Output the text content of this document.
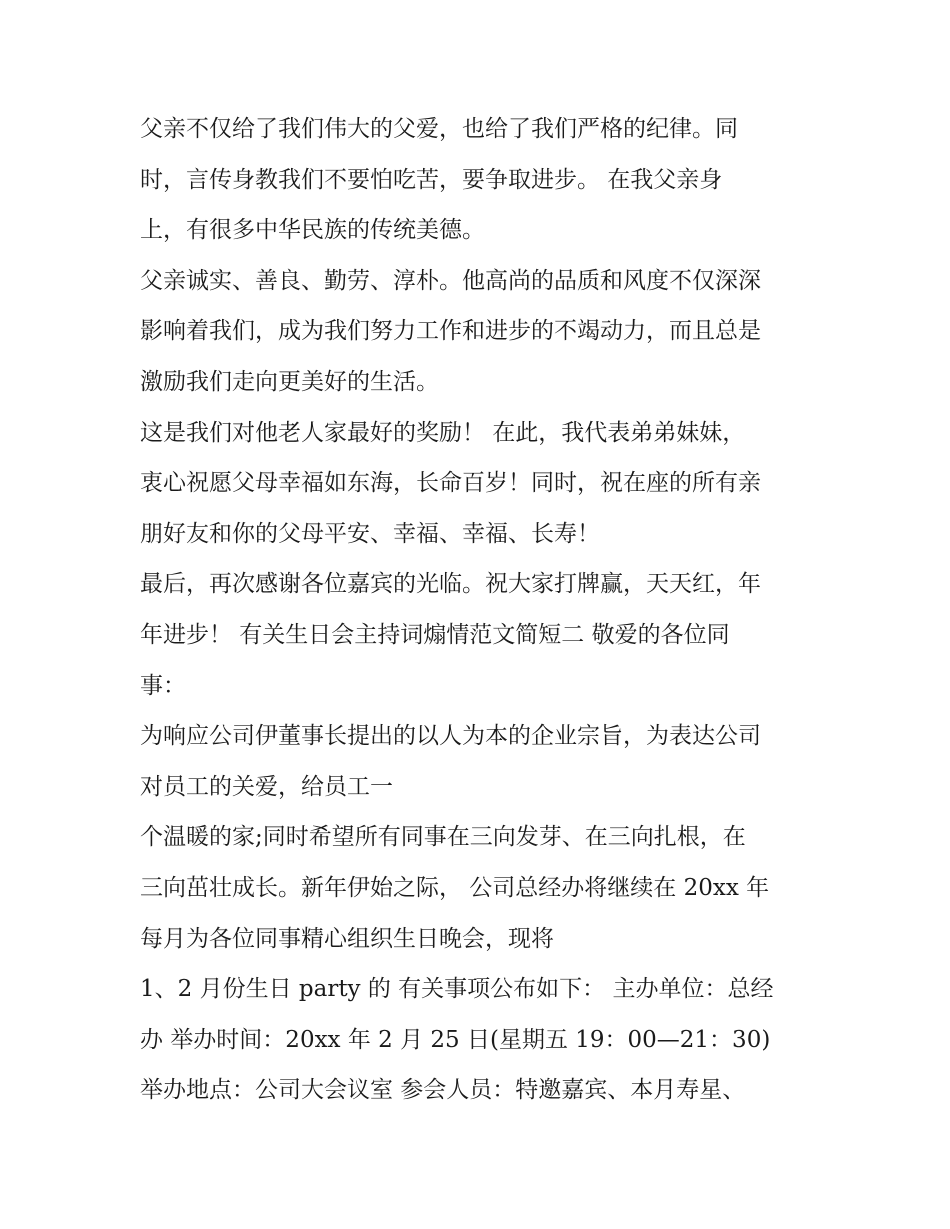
父亲不仅给了我们伟大的父爱，也给了我们严格的纪律。同
时，言传身教我们不要怕吃苦，要争取进步。 在我父亲身
上，有很多中华民族的传统美德。
父亲诚实、善良、勤劳、淳朴。他高尚的品质和风度不仅深深
影响着我们，成为我们努力工作和进步的不竭动力，而且总是
激励我们走向更美好的生活。
这是我们对他老人家最好的奖励！ 在此，我代表弟弟妹妹，
衷心祝愿父母幸福如东海，长命百岁！同时，祝在座的所有亲
朋好友和你的父母平安、幸福、幸福、长寿！
最后，再次感谢各位嘉宾的光临。祝大家打牌赢，天天红，年
年进步！ 有关生日会主持词煽情范文简短二 敬爱的各位同
事：
为响应公司伊董事长提出的以人为本的企业宗旨，为表达公司
对员工的关爱，给员工一
个温暖的家;同时希望所有同事在三向发芽、在三向扎根，在
三向茁壮成长。新年伊始之际， 公司总经办将继续在 20xx 年
每月为各位同事精心组织生日晚会，现将
1、2 月份生日 party 的 有关事项公布如下： 主办单位：总经
办 举办时间：20xx 年 2 月 25 日(星期五 19：00—21：30)
举办地点：公司大会议室 参会人员：特邀嘉宾、本月寿星、
